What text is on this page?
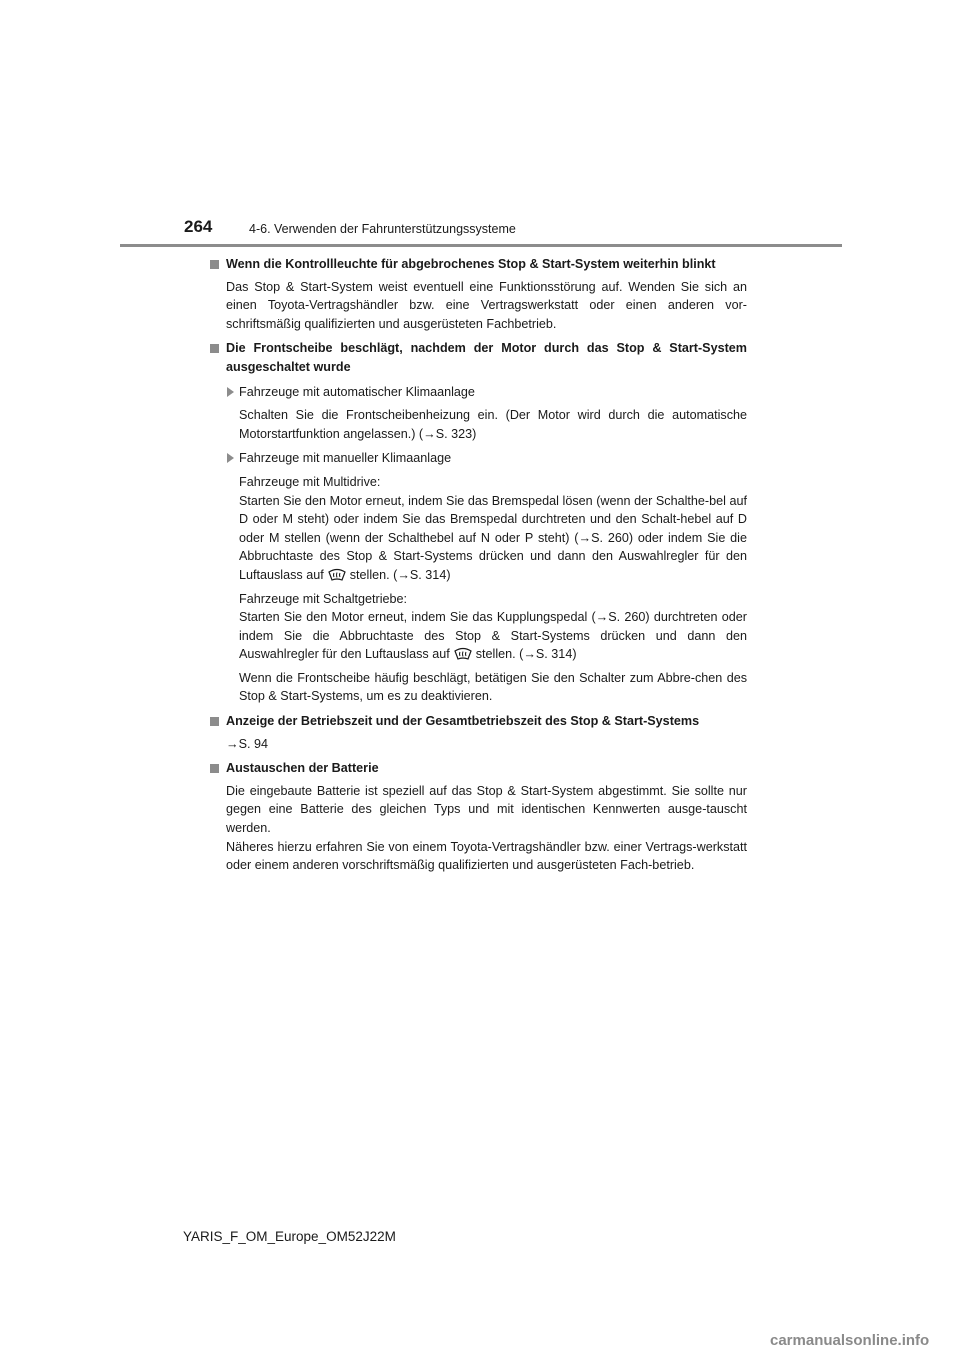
264	4-6. Verwenden der Fahrunterstützungssysteme
Wenn die Kontrollleuchte für abgebrochenes Stop & Start-System weiterhin blinkt
Das Stop & Start-System weist eventuell eine Funktionsstörung auf. Wenden Sie sich an einen Toyota-Vertragshändler bzw. eine Vertragswerkstatt oder einen anderen vor-schriftsmäßig qualifizierten und ausgerüsteten Fachbetrieb.
Die Frontscheibe beschlägt, nachdem der Motor durch das Stop & Start-System ausgeschaltet wurde
Fahrzeuge mit automatischer Klimaanlage
Schalten Sie die Frontscheibenheizung ein. (Der Motor wird durch die automatische Motorstartfunktion angelassen.) (→S. 323)
Fahrzeuge mit manueller Klimaanlage
Fahrzeuge mit Multidrive:
Starten Sie den Motor erneut, indem Sie das Bremspedal lösen (wenn der Schalthe-bel auf D oder M steht) oder indem Sie das Bremspedal durchtreten und den Schalt-hebel auf D oder M stellen (wenn der Schalthebel auf N oder P steht) (→S. 260) oder indem Sie die Abbruchtaste des Stop & Start-Systems drücken und dann den Auswahlregler für den Luftauslass auf stellen. (→S. 314)
Fahrzeuge mit Schaltgetriebe:
Starten Sie den Motor erneut, indem Sie das Kupplungspedal (→S. 260) durchtreten oder indem Sie die Abbruchtaste des Stop & Start-Systems drücken und dann den Auswahlregler für den Luftauslass auf stellen. (→S. 314)
Wenn die Frontscheibe häufig beschlägt, betätigen Sie den Schalter zum Abbre-chen des Stop & Start-Systems, um es zu deaktivieren.
Anzeige der Betriebszeit und der Gesamtbetriebszeit des Stop & Start-Systems
→S. 94
Austauschen der Batterie
Die eingebaute Batterie ist speziell auf das Stop & Start-System abgestimmt. Sie sollte nur gegen eine Batterie des gleichen Typs und mit identischen Kennwerten ausge-tauscht werden.
Näheres hierzu erfahren Sie von einem Toyota-Vertragshändler bzw. einer Vertrags-werkstatt oder einem anderen vorschriftsmäßig qualifizierten und ausgerüsteten Fach-betrieb.
YARIS_F_OM_Europe_OM52J22M
carmanualsonline.info
